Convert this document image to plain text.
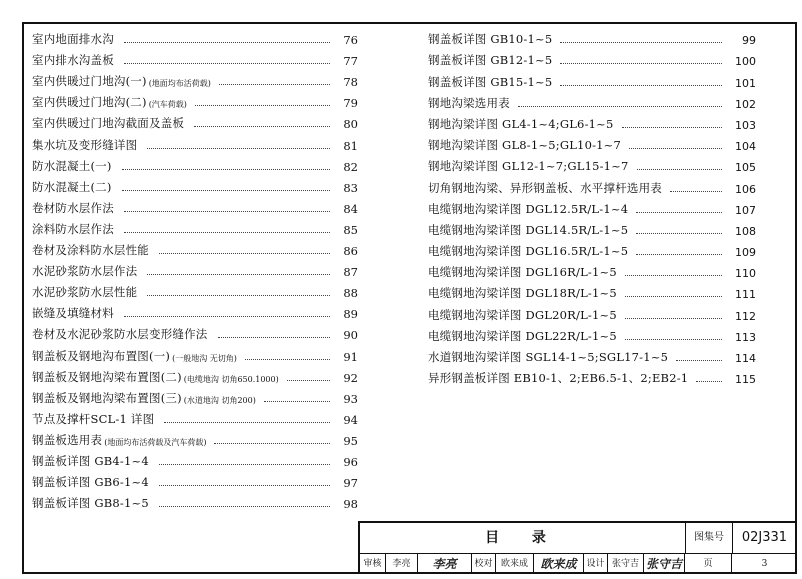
室内地面排水沟	76
室内排水沟盖板	77
室内供暖过门地沟(一) (地面均布活荷载)	78
室内供暖过门地沟(二) (汽车荷载)	79
室内供暖过门地沟截面及盖板	80
集水坑及变形缝详图	81
防水混凝土(一)	82
防水混凝土(二)	83
卷材防水层作法	84
涂料防水层作法	85
卷材及涂料防水层性能	86
水泥砂浆防水层作法	87
水泥砂浆防水层性能	88
嵌缝及填缝材料	89
卷材及水泥砂浆防水层变形缝作法	90
钢盖板及钢地沟布置图(一) (一般地沟 无切角)	91
钢盖板及钢地沟梁布置图(二) (电缆地沟 切角650.1000)	92
钢盖板及钢地沟梁布置图(三) (水道地沟 切角200)	93
节点及撑杆SCL-1 详图	94
钢盖板选用表 (地面均布活荷载及汽车荷载)	95
钢盖板详图 GB4-1~4	96
钢盖板详图 GB6-1~4	97
钢盖板详图 GB8-1~5	98
钢盖板详图 GB10-1~5	99
钢盖板详图 GB12-1~5	100
钢盖板详图 GB15-1~5	101
钢地沟梁选用表	102
钢地沟梁详图 GL4-1~4;GL6-1~5	103
钢地沟梁详图 GL8-1~5;GL10-1~7	104
钢地沟梁详图 GL12-1~7;GL15-1~7	105
切角钢地沟梁、异形钢盖板、水平撑杆选用表	106
电缆钢地沟梁详图 DGL12.5R/L-1~4	107
电缆钢地沟梁详图 DGL14.5R/L-1~5	108
电缆钢地沟梁详图 DGL16.5R/L-1~5	109
电缆钢地沟梁详图 DGL16R/L-1~5	110
电缆钢地沟梁详图 DGL18R/L-1~5	111
电缆钢地沟梁详图 DGL20R/L-1~5	112
电缆钢地沟梁详图 DGL22R/L-1~5	113
水道钢地沟梁详图 SGL14-1~5;SGL17-1~5	114
异形钢盖板详图 EB10-1、2;EB6.5-1、2;EB2-1	115
目 录	图集号	02J331
审核	李亮	李亮	校对 欧来成	欧来成	设计 张守吉 张守吉	页	3
